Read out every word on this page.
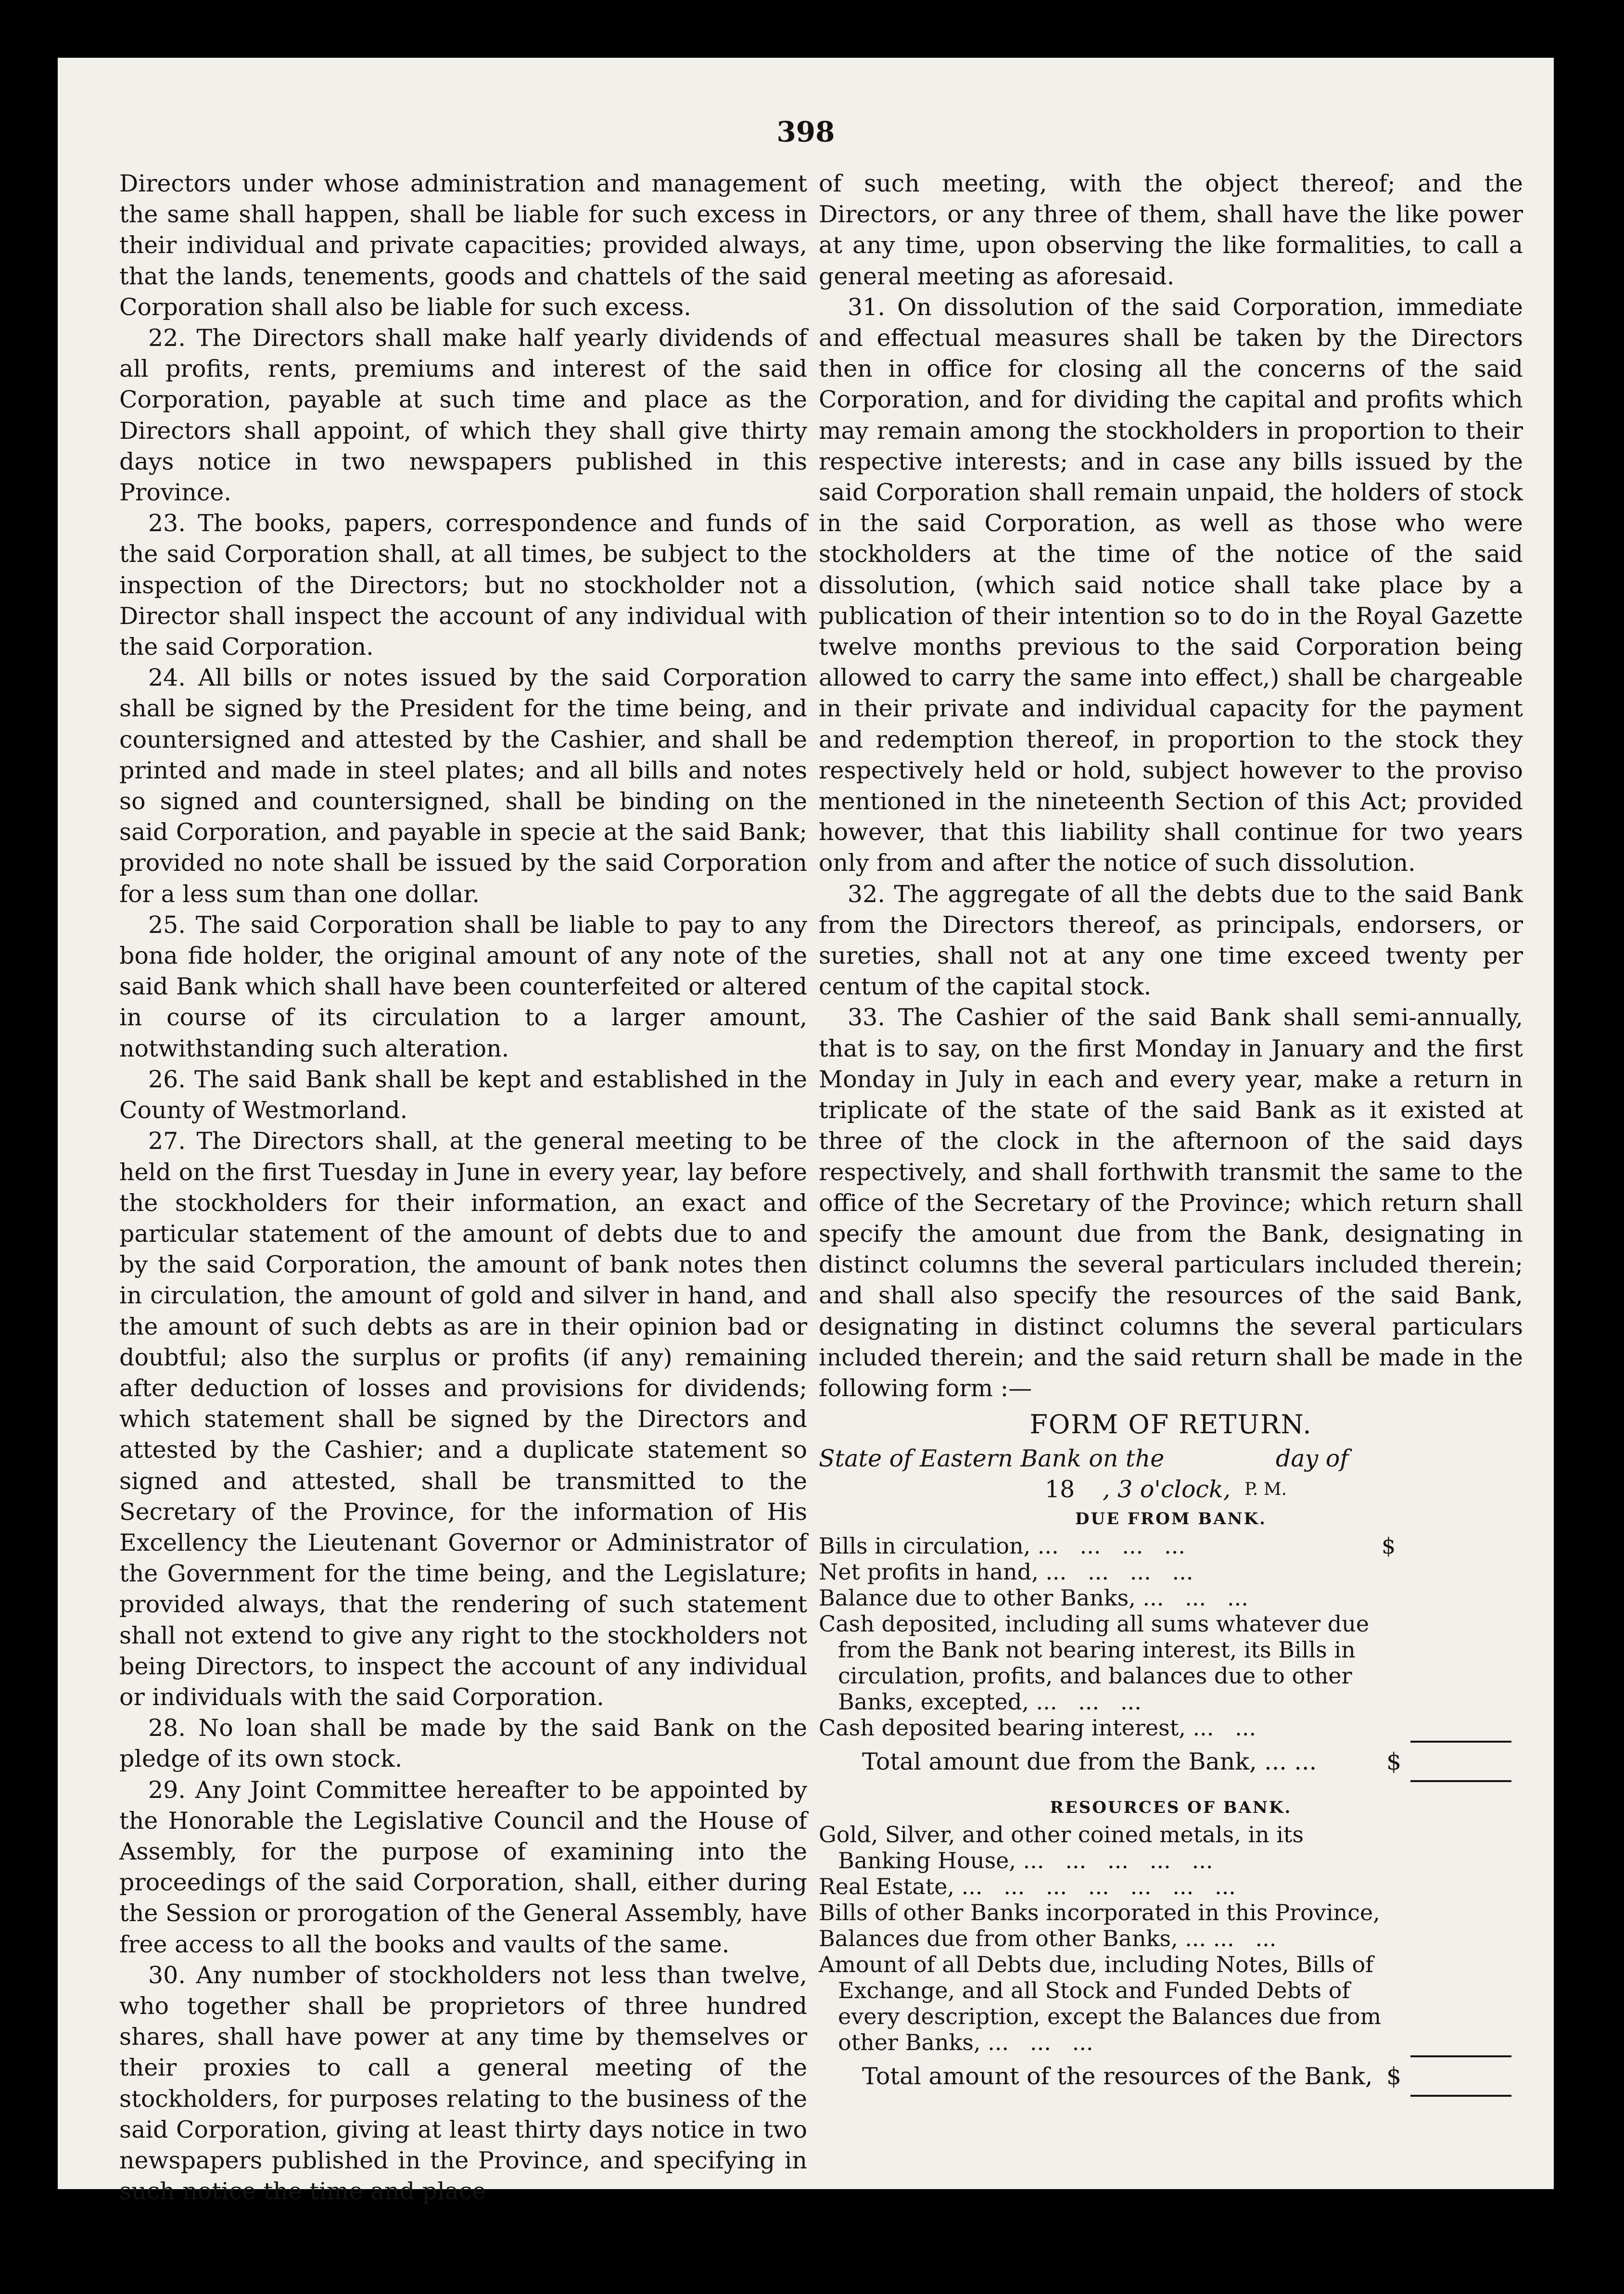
398

Directors under whose administration and management the same shall happen, shall be liable for such excess in their individual and private capacities; provided always, that the lands, tenements, goods and chattels of the said Corporation shall also be liable for such excess.

22. The Directors shall make half yearly dividends of all profits, rents, premiums and interest of the said Corporation, payable at such time and place as the Directors shall appoint, of which they shall give thirty days notice in two newspapers published in this Province.

23. The books, papers, correspondence and funds of the said Corporation shall, at all times, be subject to the inspection of the Directors; but no stockholder not a Director shall inspect the account of any individual with the said Corporation.

24. All bills or notes issued by the said Corporation shall be signed by the President for the time being, and countersigned and attested by the Cashier, and shall be printed and made in steel plates; and all bills and notes so signed and countersigned, shall be binding on the said Corporation, and payable in specie at the said Bank; provided no note shall be issued by the said Corporation for a less sum than one dollar.

25. The said Corporation shall be liable to pay to any bona fide holder, the original amount of any note of the said Bank which shall have been counterfeited or altered in course of its circulation to a larger amount, notwithstanding such alteration.

26. The said Bank shall be kept and established in the County of Westmorland.

27. The Directors shall, at the general meeting to be held on the first Tuesday in June in every year, lay before the stockholders for their information, an exact and particular statement of the amount of debts due to and by the said Corporation, the amount of bank notes then in circulation, the amount of gold and silver in hand, and the amount of such debts as are in their opinion bad or doubtful; also the surplus or profits (if any) remaining after deduction of losses and provisions for dividends; which statement shall be signed by the Directors and attested by the Cashier; and a duplicate statement so signed and attested, shall be transmitted to the Secretary of the Province, for the information of His Excellency the Lieutenant Governor or Administrator of the Government for the time being, and the Legislature; provided always, that the rendering of such statement shall not extend to give any right to the stockholders not being Directors, to inspect the account of any individual or individuals with the said Corporation.

28. No loan shall be made by the said Bank on the pledge of its own stock.

29. Any Joint Committee hereafter to be appointed by the Honorable the Legislative Council and the House of Assembly, for the purpose of examining into the proceedings of the said Corporation, shall, either during the Session or prorogation of the General Assembly, have free access to all the books and vaults of the same.

30. Any number of stockholders not less than twelve, who together shall be proprietors of three hundred shares, shall have power at any time by themselves or their proxies to call a general meeting of the stockholders, for purposes relating to the business of the said Corporation, giving at least thirty days notice in two newspapers published in the Province, and specifying in such notice the time and place

of such meeting, with the object thereof; and the Directors, or any three of them, shall have the like power at any time, upon observing the like formalities, to call a general meeting as aforesaid.

31. On dissolution of the said Corporation, immediate and effectual measures shall be taken by the Directors then in office for closing all the concerns of the said Corporation, and for dividing the capital and profits which may remain among the stockholders in proportion to their respective interests; and in case any bills issued by the said Corporation shall remain unpaid, the holders of stock in the said Corporation, as well as those who were stockholders at the time of the notice of the said dissolution, (which said notice shall take place by a publication of their intention so to do in the Royal Gazette twelve months previous to the said Corporation being allowed to carry the same into effect,) shall be chargeable in their private and individual capacity for the payment and redemption thereof, in proportion to the stock they respectively held or hold, subject however to the proviso mentioned in the nineteenth Section of this Act; provided however, that this liability shall continue for two years only from and after the notice of such dissolution.

32. The aggregate of all the debts due to the said Bank from the Directors thereof, as principals, endorsers, or sureties, shall not at any one time exceed twenty per centum of the capital stock.

33. The Cashier of the said Bank shall semi-annually, that is to say, on the first Monday in January and the first Monday in July in each and every year, make a return in triplicate of the state of the said Bank as it existed at three of the clock in the afternoon of the said days respectively, and shall forthwith transmit the same to the office of the Secretary of the Province; which return shall specify the amount due from the Bank, designating in distinct columns the several particulars included therein; and shall also specify the resources of the said Bank, designating in distinct columns the several particulars included therein; and the said return shall be made in the following form :—

FORM OF RETURN.
State of Eastern Bank on the	day of
18 , 3 o'clock, P. M.
DUE FROM BANK.
Bills in circulation, ...   ...   ...   ...	$
Net profits in hand, ...   ...   ...   ...
Balance due to other Banks, ...   ...   ...
Cash deposited, including all sums whatever due from the Bank not bearing interest, its Bills in circulation, profits, and balances due to other Banks, excepted, ...   ...   ...
Cash deposited bearing interest, ...   ...
Total amount due from the Bank, ... ...	$
RESOURCES OF BANK.
Gold, Silver, and other coined metals, in its Banking House, ...   ...   ...   ...   ...
Real Estate, ...   ...   ...   ...   ...   ...   ...
Bills of other Banks incorporated in this Province,
Balances due from other Banks, ... ...   ...
Amount of all Debts due, including Notes, Bills of Exchange, and all Stock and Funded Debts of every description, except the Balances due from other Banks, ...   ...   ...
Total amount of the resources of the Bank, $
